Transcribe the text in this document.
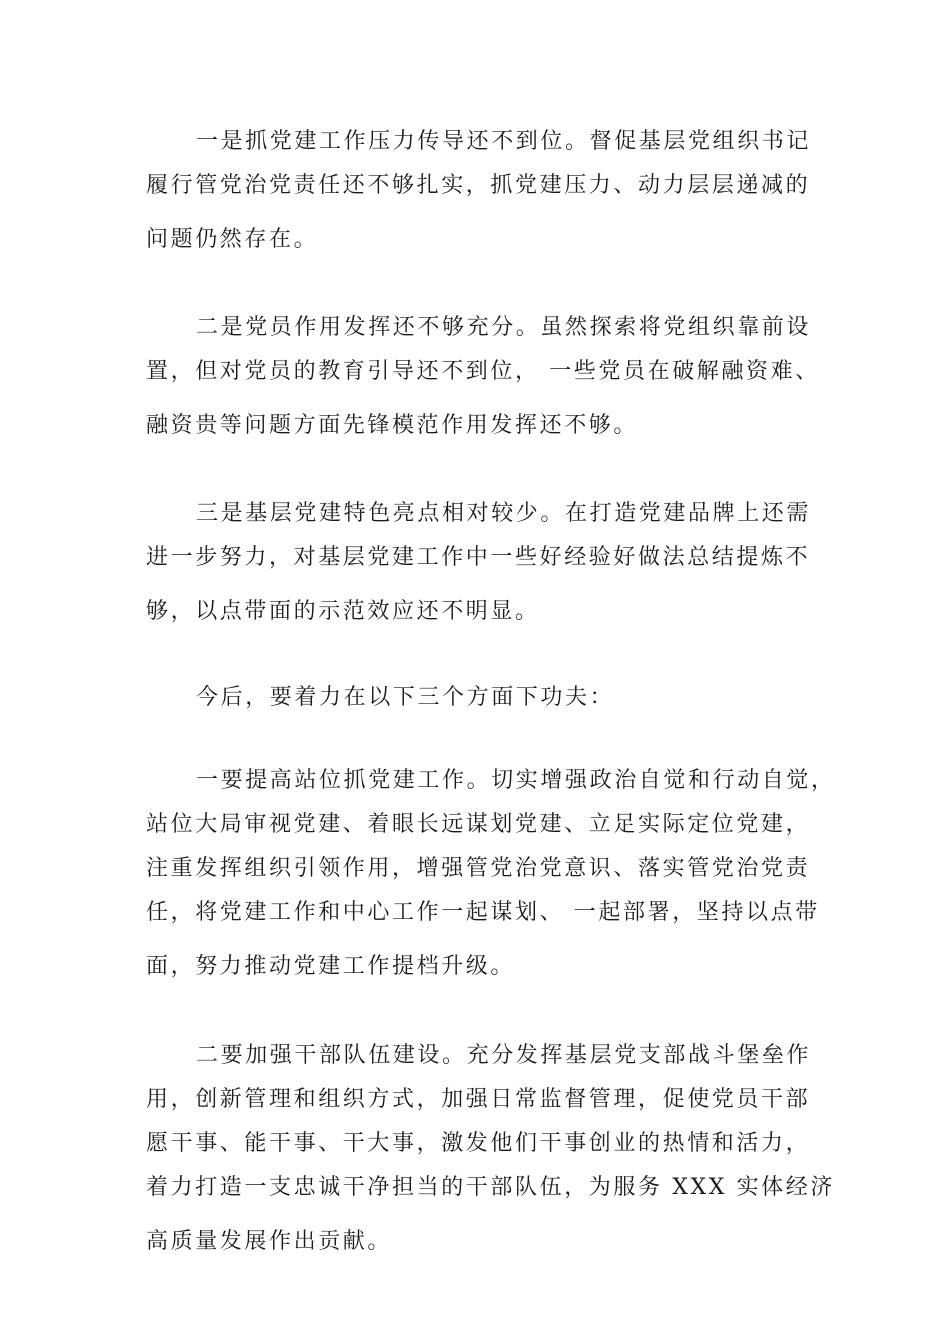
一是抓党建工作压力传导还不到位。督促基层党组织书记
履行管党治党责任还不够扎实，抓党建压力、动力层层递减的
问题仍然存在。
二是党员作用发挥还不够充分。虽然探索将党组织靠前设
置，但对党员的教育引导还不到位， 一些党员在破解融资难、
融资贵等问题方面先锋模范作用发挥还不够。
三是基层党建特色亮点相对较少。在打造党建品牌上还需
进一步努力，对基层党建工作中一些好经验好做法总结提炼不
够，以点带面的示范效应还不明显。
今后，要着力在以下三个方面下功夫：
一要提高站位抓党建工作。切实增强政治自觉和行动自觉，
站位大局审视党建、着眼长远谋划党建、立足实际定位党建，
注重发挥组织引领作用，增强管党治党意识、落实管党治党责
任，将党建工作和中心工作一起谋划、 一起部署，坚持以点带
面，努力推动党建工作提档升级。
二要加强干部队伍建设。充分发挥基层党支部战斗堡垒作
用，创新管理和组织方式，加强日常监督管理，促使党员干部
愿干事、能干事、干大事，激发他们干事创业的热情和活力，
着力打造一支忠诚干净担当的干部队伍，为服务 XXX 实体经济
高质量发展作出贡献。
